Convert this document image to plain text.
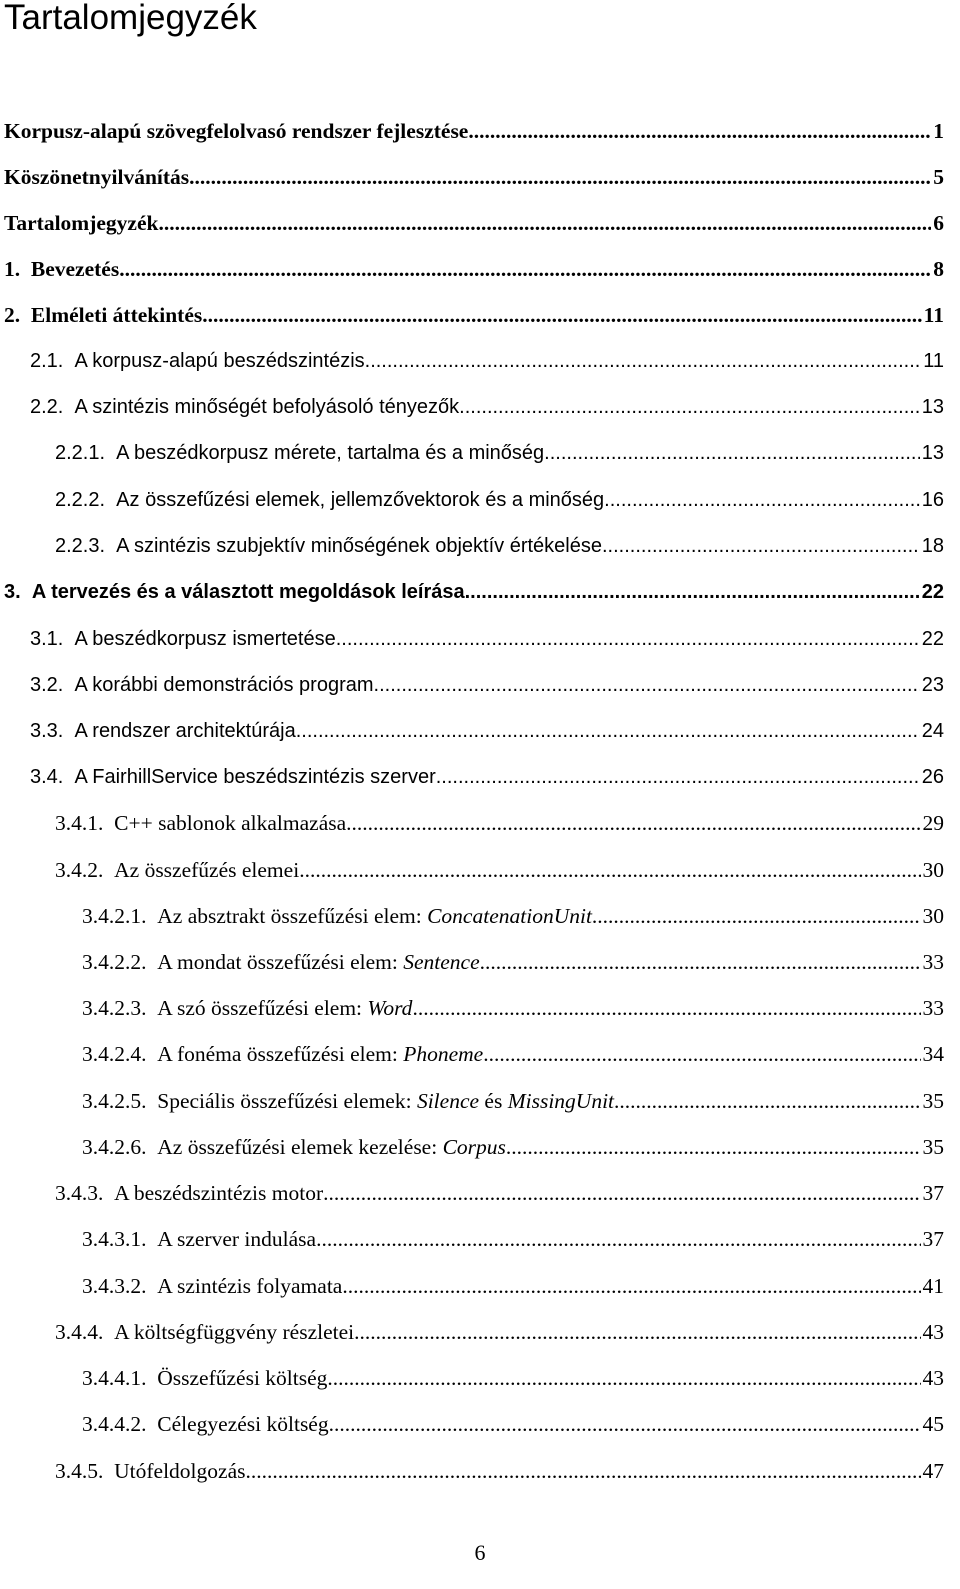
Tartalomjegyzék
Korpusz-alapú szövegfelolvasó rendszer fejlesztése .....	1
Köszönetnyilvánítás .....	5
Tartalomjegyzék .....	6
1. Bevezetés .....	8
2. Elméleti áttekintés .....	11
2.1. A korpusz-alapú beszédszintézis .....	11
2.2. A szintézis minőségét befolyásoló tényezők .....	13
2.2.1. A beszédkorpusz mérete, tartalma és a minőség .....	13
2.2.2. Az összefűzési elemek, jellemzővektorok és a minőség .....	16
2.2.3. A szintézis szubjektív minőségének objektív értékelése .....	18
3. A tervezés és a választott megoldások leírása .....	22
3.1. A beszédkorpusz ismertetése .....	22
3.2. A korábbi demonstrációs program .....	23
3.3. A rendszer architektúrája .....	24
3.4. A FairhillService beszédszintézis szerver .....	26
3.4.1. C++ sablonok alkalmazása .....	29
3.4.2. Az összefűzés elemei .....	30
3.4.2.1. Az absztrakt összefűzési elem: ConcatenationUnit .....	30
3.4.2.2. A mondat összefűzési elem: Sentence .....	33
3.4.2.3. A szó összefűzési elem: Word .....	33
3.4.2.4. A fonéma összefűzési elem: Phoneme .....	34
3.4.2.5. Speciális összefűzési elemek: Silence és MissingUnit .....	35
3.4.2.6. Az összefűzési elemek kezelése: Corpus .....	35
3.4.3. A beszédszintézis motor .....	37
3.4.3.1. A szerver indulása .....	37
3.4.3.2. A szintézis folyamata .....	41
3.4.4. A költségfüggvény részletei .....	43
3.4.4.1. Összefűzési költség .....	43
3.4.4.2. Célegyezési költség .....	45
3.4.5. Utófeldolgozás .....	47
6
